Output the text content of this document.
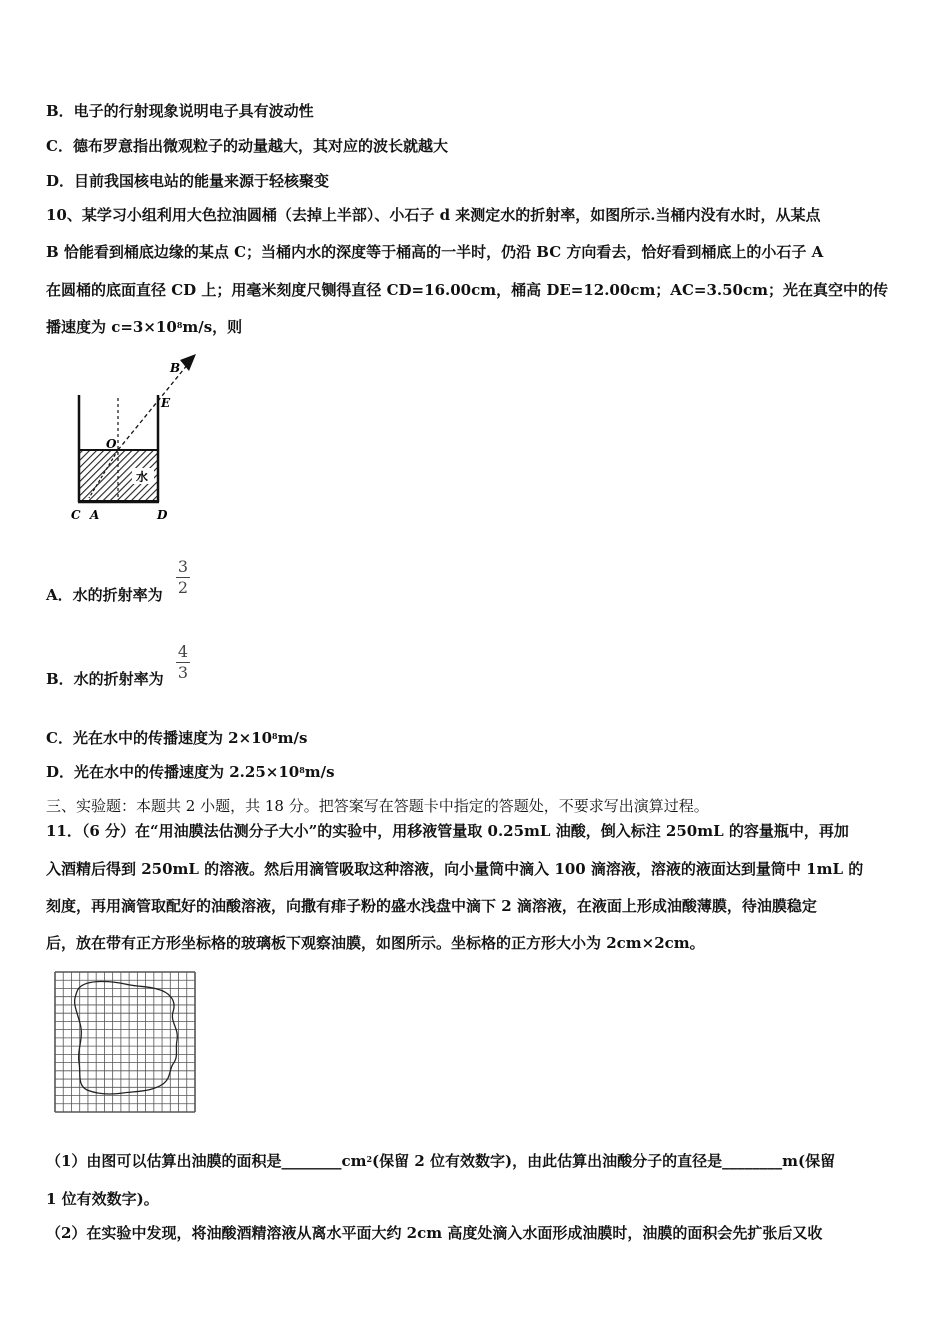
B．电子的行射现象说明电子具有波动性
C．德布罗意指出微观粒子的动量越大，其对应的波长就越大
D．目前我国核电站的能量来源于轻核聚变
10、某学习小组利用大色拉油圆桶（去掉上半部）、小石子 d 来测定水的折射率，如图所示.当桶内没有水时，从某点
B 恰能看到桶底边缘的某点 C；当桶内水的深度等于桶高的一半时，仍沿 BC 方向看去，恰好看到桶底上的小石子 A
在圆桶的底面直径 CD 上；用毫米刻度尺铡得直径 CD=16.00cm，桶高 DE=12.00cm；AC=3.50cm；光在真空中的传
播速度为 $c=3\times 10^8m/s$，则
B
E
O
水
C A	D
A．水的折射率为
3
2
B．水的折射率为
4
3
C．光在水中的传播速度为 $2\times 10^8m/s$
D．光在水中的传播速度为 $2.25\times 10^8m/s$
三、实验题：本题共 2 小题，共 18 分。把答案写在答题卡中指定的答题处，不要求写出演算过程。
11．（6 分）在“用油膜法估测分子大小”的实验中，用移液管量取 0.25mL 油酸，倒入标注 250mL 的容量瓶中，再加
入酒精后得到 250mL 的溶液。然后用滴管吸取这种溶液，向小量筒中滴入 100 滴溶液，溶液的液面达到量筒中 1mL 的
刻度，再用滴管取配好的油酸溶液，向撒有痱子粉的盛水浅盘中滴下 2 滴溶液，在液面上形成油酸薄膜，待油膜稳定
后，放在带有正方形坐标格的玻璃板下观察油膜，如图所示。坐标格的正方形大小为 2cm×2cm。
（1）由图可以估算出油膜的面积是$\_\_\_\_\_\_\_\_cm^2$(保留 2 位有效数字)，由此估算出油酸分子的直径是________m(保留
1 位有效数字)。
（2）在实验中发现，将油酸酒精溶液从离水平面大约 2cm 高度处滴入水面形成油膜时，油膜的面积会先扩张后又收
